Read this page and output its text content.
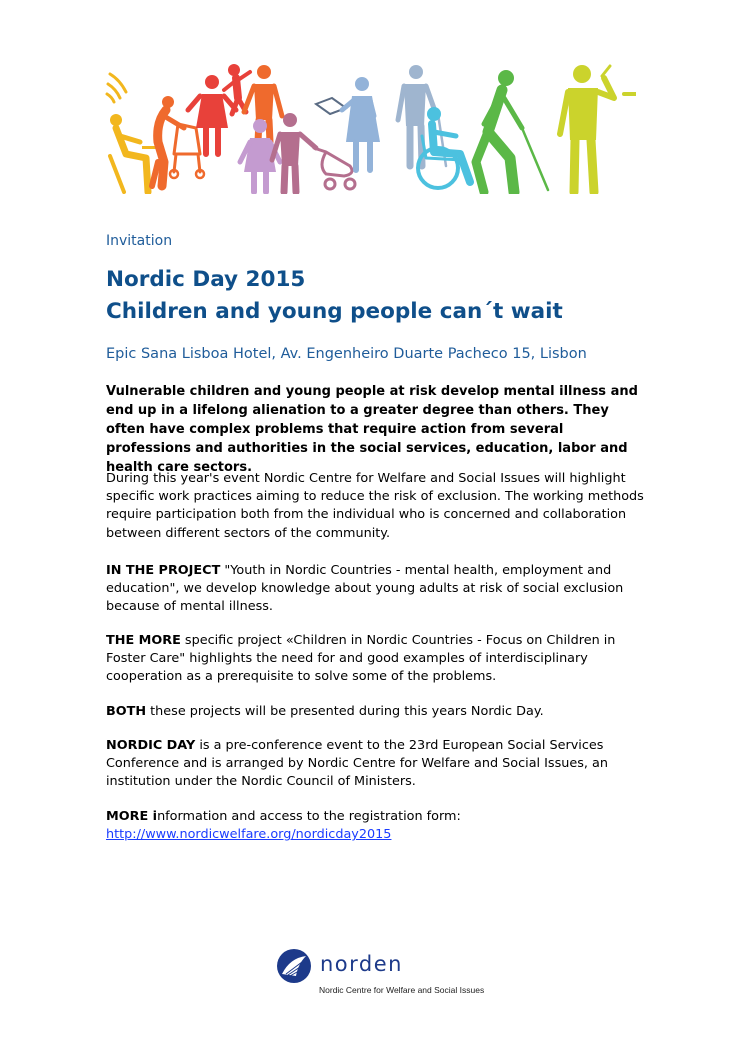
Invitation
Nordic Day 2015
Children and young people can´t wait
Epic Sana Lisboa Hotel, Av. Engenheiro Duarte Pacheco 15, Lisbon

Vulnerable children and young people at risk develop mental illness and end up in a lifelong alienation to a greater degree than others. They often have complex problems that require action from several professions and authorities in the social services, education, labor and health care sectors.

During this year's event Nordic Centre for Welfare and Social Issues will highlight specific work practices aiming to reduce the risk of exclusion. The working methods require participation both from the individual who is concerned and collaboration between different sectors of the community.

IN THE PROJECT "Youth in Nordic Countries - mental health, employment and education", we develop knowledge about young adults at risk of social exclusion because of mental illness.

THE MORE specific project «Children in Nordic Countries - Focus on Children in Foster Care" highlights the need for and good examples of interdisciplinary cooperation as a prerequisite to solve some of the problems.

BOTH these projects will be presented during this years Nordic Day.

NORDIC DAY is a pre-conference event to the 23rd European Social Services Conference and is arranged by Nordic Centre for Welfare and Social Issues, an institution under the Nordic Council of Ministers.

MORE information and access to the registration form:
http://www.nordicwelfare.org/nordicday2015

norden
Nordic Centre for Welfare and Social Issues
